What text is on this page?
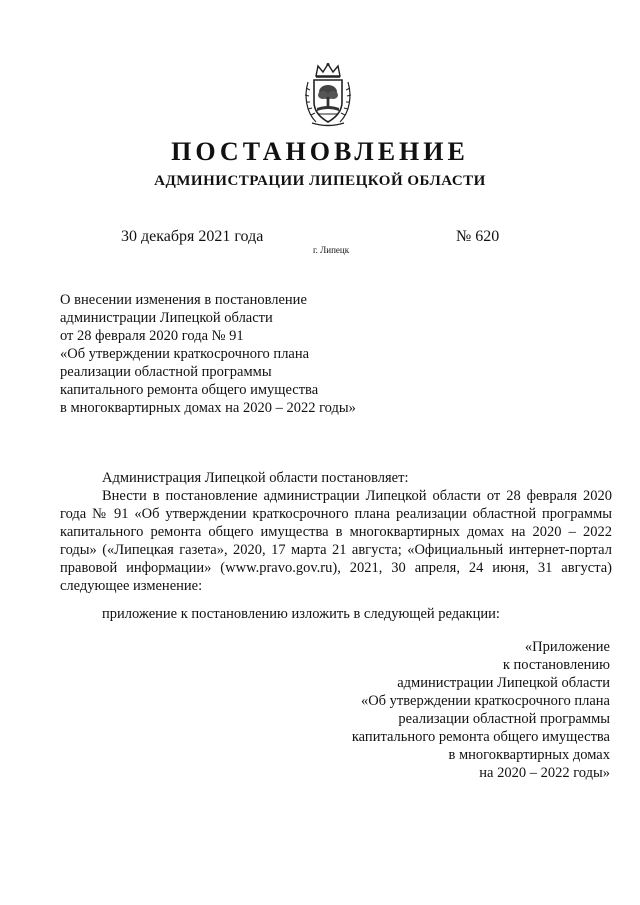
ПОСТАНОВЛЕНИЕ
АДМИНИСТРАЦИИ ЛИПЕЦКОЙ ОБЛАСТИ
30 декабря 2021 года
г. Липецк
№ 620
О внесении изменения в постановление
администрации Липецкой области
от 28 февраля 2020 года № 91
«Об утверждении краткосрочного плана
реализации областной программы
капитального ремонта общего имущества
в многоквартирных домах на 2020 – 2022 годы»

Администрация Липецкой области постановляет:

Внести в постановление администрации Липецкой области от 28 февраля 2020 года № 91 «Об утверждении краткосрочного плана реализации областной программы капитального ремонта общего имущества в многоквартирных домах на 2020 – 2022 годы» («Липецкая газета», 2020, 17 марта 21 августа; «Официальный интернет-портал правовой информации» (www.pravo.gov.ru), 2021, 30 апреля, 24 июня, 31 августа) следующее изменение:

приложение к постановлению изложить в следующей редакции:

«Приложение
к постановлению
администрации Липецкой области
«Об утверждении краткосрочного плана
реализации областной программы
капитального ремонта общего имущества
в многоквартирных домах
на 2020 – 2022 годы»
